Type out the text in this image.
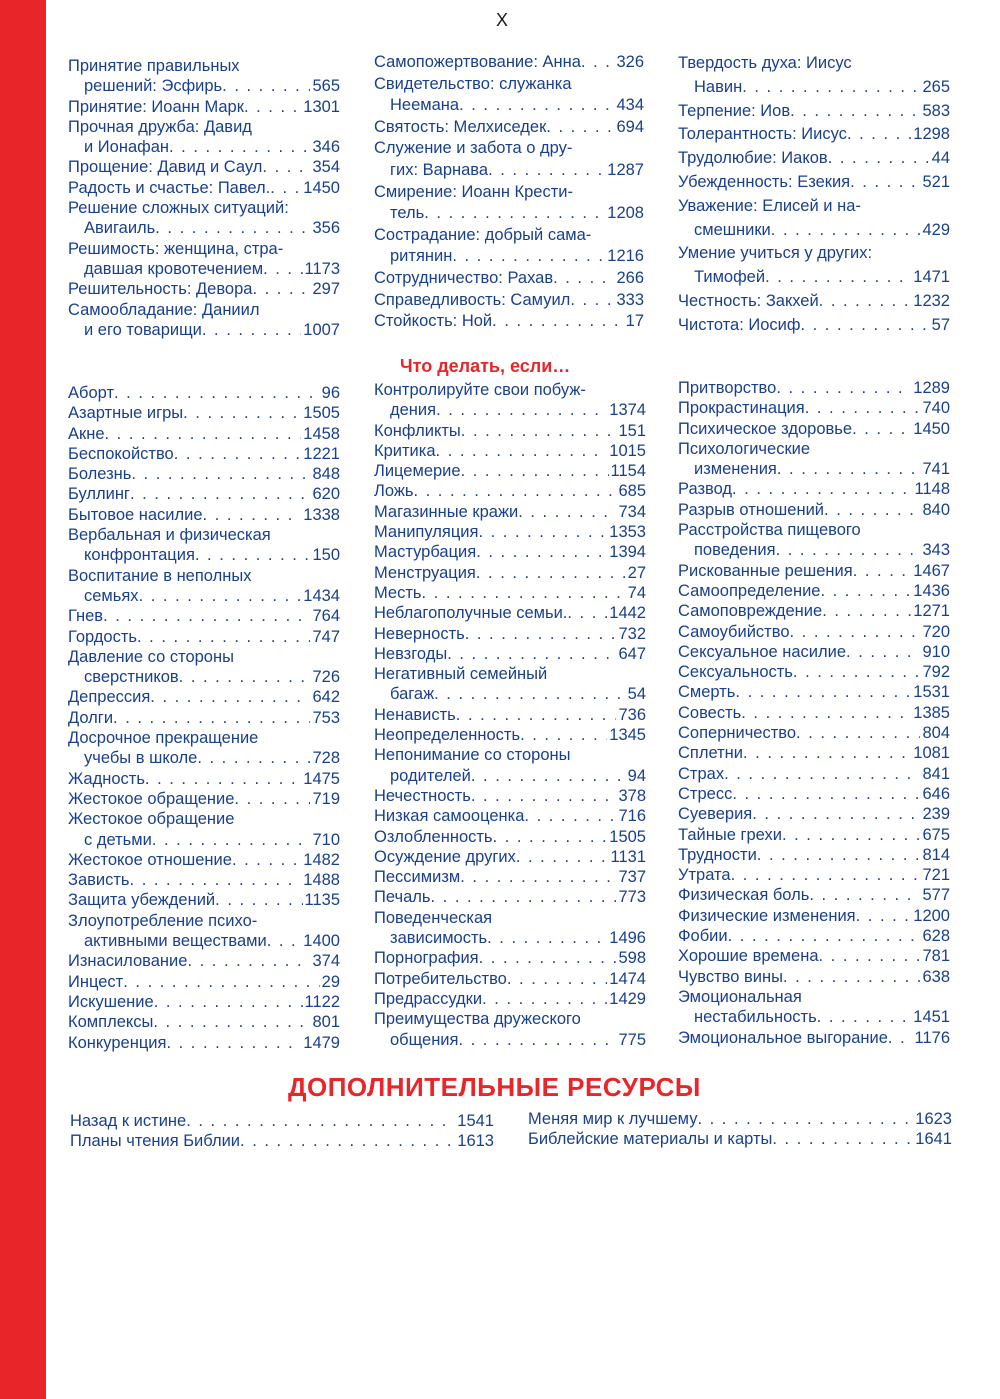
X
Принятие правильных
решений: Эсфирь . . .	565
Принятие: Иоанн Марк . . .	1301
Прочная дружба: Давид
и Ионафан . . .	346
Прощение: Давид и Саул . . .	354
Радость и счастье: Павел. . . . 1450
Решение сложных ситуаций:
Авигаиль . . .	356
Решимость: женщина, стра-
давшая кровотечением . . .	1173
Решительность: Девора . . .	297
Самообладание: Даниил
и его товарищи . . .	1007
Самопожертвование: Анна . . . 326
Свидетельство: служанка
Неемана . . .	434
Святость: Мелхиседек . . .	694
Служение и забота о дру-
гих: Варнава . . .	1287
Смирение: Иоанн Крести-
тель . . .	1208
Сострадание: добрый сама-
ритянин . . .	1216
Сотрудничество: Рахав . . .	266
Справедливость: Самуил . . .	333
Стойкость: Ной . . .	17
Твердость духа: Иисус
Навин . . .	265
Терпение: Иов . . .	583
Толерантность: Иисус . . .	1298
Трудолюбие: Иаков . . .	44
Убежденность: Езекия . . .	521
Уважение: Елисей и на-
смешники . . .	429
Умение учиться у других:
Тимофей . . .	1471
Честность: Закхей . . .	1232
Чистота: Иосиф . . .	57
Что делать, если…
Аборт . . .	96
Азартные игры . . .	1505
Акне . . .	1458
Беспокойство . . .	1221
Болезнь . . .	848
Буллинг . . .	620
Бытовое насилие . . .	1338
Вербальная и физическая
конфронтация . . .	150
Воспитание в неполных
семьях . . .	1434
Гнев . . .	764
Гордость . . .	747
Давление со стороны
сверстников . . .	726
Депрессия . . .	642
Долги . . .	753
Досрочное прекращение
учебы в школе . . .	728
Жадность . . .	1475
Жестокое обращение . . .	719
Жестокое обращение
с детьми . . .	710
Жестокое отношение . . .	1482
Зависть . . .	1488
Защита убеждений . . .	1135
Злоупотребление психо-
активными веществами . . . 1400
Изнасилование . . .	374
Инцест . . .	29
Искушение . . .	1122
Комплексы . . .	801
Конкуренция . . .	1479
Контролируйте свои побуж-
дения . . .	1374
Конфликты . . .	151
Критика . . .	1015
Лицемерие . . .	1154
Ложь . . .	685
Магазинные кражи . . .	734
Манипуляция . . .	1353
Мастурбация . . .	1394
Менструация . . .	27
Месть . . .	74
Неблагополучные семьи. . . .	1442
Неверность . . .	732
Невзгоды . . .	647
Негативный семейный
багаж . . .	54
Ненависть . . .	736
Неопределенность . . .	1345
Непонимание со стороны
родителей . . .	94
Нечестность . . .	378
Низкая самооценка . . .	716
Озлобленность . . .	1505
Осуждение других . . .	1131
Пессимизм . . .	737
Печаль . . .	773
Поведенческая
зависимость . . .	1496
Порнография . . .	598
Потребительство . . .	1474
Предрассудки . . .	1429
Преимущества дружеского
общения . . .	775
Притворство . . .	1289
Прокрастинация . . .	740
Психическое здоровье . . .	1450
Психологические
изменения . . .	741
Развод . . .	1148
Разрыв отношений . . .	840
Расстройства пищевого
поведения . . .	343
Рискованные решения . . .	1467
Самоопределение . . .	1436
Самоповреждение . . .	1271
Самоубийство . . .	720
Сексуальное насилие . . .	910
Сексуальность . . .	792
Смерть . . .	1531
Совесть . . .	1385
Соперничество . . .	804
Сплетни . . .	1081
Страх . . .	841
Стресс . . .	646
Суеверия . . .	239
Тайные грехи . . .	675
Трудности . . .	814
Утрата . . .	721
Физическая боль . . .	577
Физические изменения . . .	1200
Фобии . . .	628
Хорошие времена . . .	781
Чувство вины . . .	638
Эмоциональная
нестабильность . . .	1451
Эмоциональное выгорание . . . 1176
ДОПОЛНИТЕЛЬНЫЕ РЕСУРСЫ
Назад к истине . . .	1541
Планы чтения Библии . . .	1613
Меняя мир к лучшему . . .	1623
Библейские материалы и карты . . .	1641
